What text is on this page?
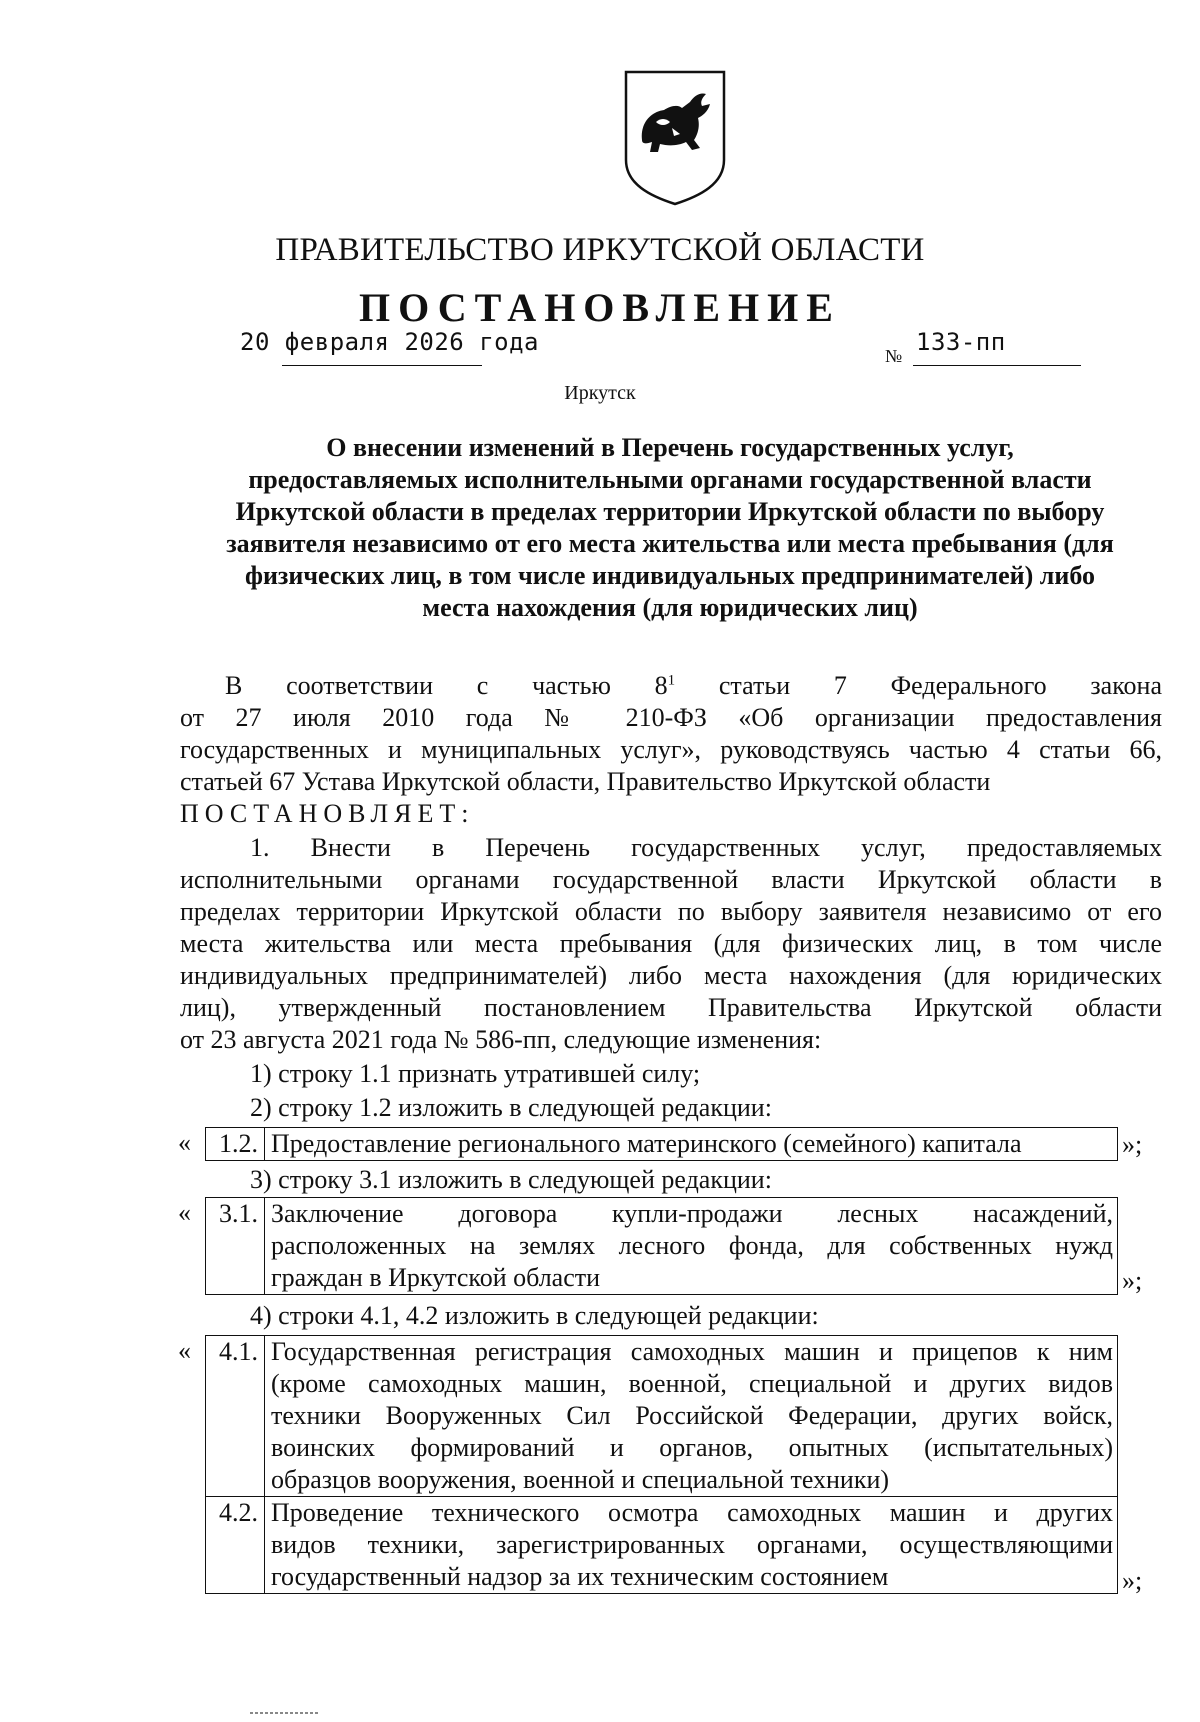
ПРАВИТЕЛЬСТВО ИРКУТСКОЙ ОБЛАСТИ
ПОСТАНОВЛЕНИЕ
20 февраля 2026 года	№ 133-пп
Иркутск
О внесении изменений в Перечень государственных услуг,
предоставляемых исполнительными органами государственной власти
Иркутской области в пределах территории Иркутской области по выбору
заявителя независимо от его места жительства или места пребывания (для
физических лиц, в том числе индивидуальных предпринимателей) либо
места нахождения (для юридических лиц)
В соответствии с частью $8^1$ статьи 7 Федерального закона
от 27 июля 2010 года № 210-ФЗ «Об организации предоставления
государственных и муниципальных услуг», руководствуясь частью 4 статьи 66,
статьей 67 Устава Иркутской области, Правительство Иркутской области
ПОСТАНОВЛЯЕТ:
1. Внести в Перечень государственных услуг, предоставляемых
исполнительными органами государственной власти Иркутской области в
пределах территории Иркутской области по выбору заявителя независимо от его
места жительства или места пребывания (для физических лиц, в том числе
индивидуальных предпринимателей) либо места нахождения (для юридических
лиц), утвержденный постановлением Правительства Иркутской области
от 23 августа 2021 года № 586-пп, следующие изменения:
1) строку 1.1 признать утратившей силу;
2) строку 1.2 изложить в следующей редакции:
« 1.2.	Предоставление регионального материнского (семейного) капитала	»;
3) строку 3.1 изложить в следующей редакции:
« 3.1.	Заключение договора купли-продажи лесных насаждений,
расположенных на землях лесного фонда, для собственных нужд
граждан в Иркутской области	»;
4) строки 4.1, 4.2 изложить в следующей редакции:
« 4.1.	Государственная регистрация самоходных машин и прицепов к ним
(кроме самоходных машин, военной, специальной и других видов
техники Вооруженных Сил Российской Федерации, других войск,
воинских формирований и органов, опытных (испытательных)
образцов вооружения, военной и специальной техники)

4.2.	Проведение технического осмотра самоходных машин и других
видов техники, зарегистрированных органами, осуществляющими
государственный надзор за их техническим состоянием	»;
